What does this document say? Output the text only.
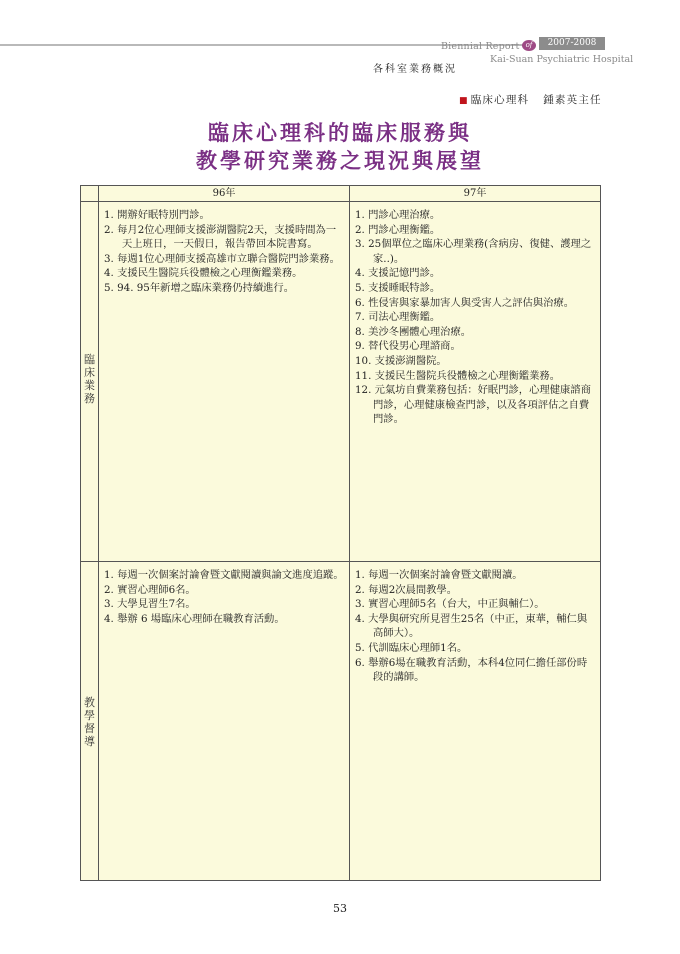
Biennial Report of	2007-2008
Kai-Suan Psychiatric Hospital
各科室業務概況
■ 臨床心理科 鍾素英主任
臨床心理科的臨床服務與
教學研究業務之現況與展望
96年	97年
臨
床
業
務
1. 開辦好眠特別門診。
2. 每月2位心理師支援澎湖醫院2天，支援時間為一天上班日，一天假日，報告帶回本院書寫。
3. 每週1位心理師支援高雄市立聯合醫院門診業務。
4. 支援民生醫院兵役體檢之心理衡鑑業務。
5. 94. 95年新增之臨床業務仍持續進行。
1. 門診心理治療。
2. 門診心理衡鑑。
3. 25個單位之臨床心理業務(含病房、復健、護理之家..)。
4. 支援記憶門診。
5. 支援睡眠特診。
6. 性侵害與家暴加害人與受害人之評估與治療。
7. 司法心理衡鑑。
8. 美沙冬團體心理治療。
9. 替代役男心理諮商。
10. 支援澎湖醫院。
11. 支援民生醫院兵役體檢之心理衡鑑業務。
12. 元氣坊自費業務包括：好眠門診，心理健康諮商門診，心理健康檢查門診，以及各項評估之自費門診。
教
學
督
導
1. 每週一次個案討論會暨文獻閱讀與論文進度追蹤。
2. 實習心理師6名。
3. 大學見習生7名。
4. 舉辦 6 場臨床心理師在職教育活動。
1. 每週一次個案討論會暨文獻閱讀。
2. 每週2次晨間教學。
3. 實習心理師5名（台大，中正與輔仁）。
4. 大學與研究所見習生25名（中正，東華，輔仁與高師大）。
5. 代訓臨床心理師1名。
6. 舉辦6場在職教育活動，本科4位同仁擔任部份時段的講師。
53
